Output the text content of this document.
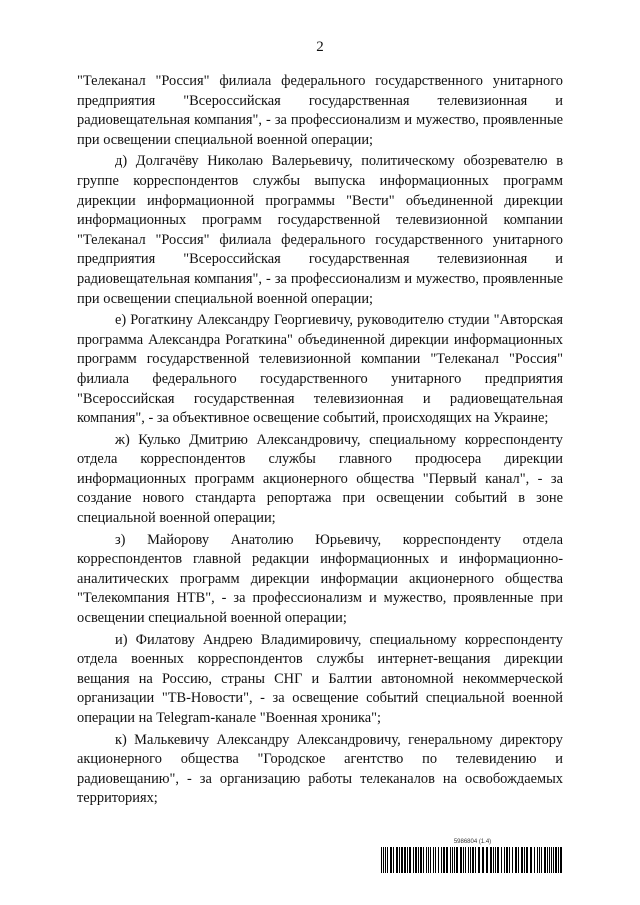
2

"Телеканал "Россия" филиала федерального государственного унитарного предприятия "Всероссийская государственная телевизионная и радиовещательная компания", - за профессионализм и мужество, проявленные при освещении специальной военной операции;

д) Долгачёву Николаю Валерьевичу, политическому обозревателю в группе корреспондентов службы выпуска информационных программ дирекции информационной программы "Вести" объединенной дирекции информационных программ государственной телевизионной компании "Телеканал "Россия" филиала федерального государственного унитарного предприятия "Всероссийская государственная телевизионная и радиовещательная компания", - за профессионализм и мужество, проявленные при освещении специальной военной операции;

е) Рогаткину Александру Георгиевичу, руководителю студии "Авторская программа Александра Рогаткина" объединенной дирекции информационных программ государственной телевизионной компании "Телеканал "Россия" филиала федерального государственного унитарного предприятия "Всероссийская государственная телевизионная и радиовещательная компания", - за объективное освещение событий, происходящих на Украине;

ж) Кулько Дмитрию Александровичу, специальному корреспонденту отдела корреспондентов службы главного продюсера дирекции информационных программ акционерного общества "Первый канал", - за создание нового стандарта репортажа при освещении событий в зоне специальной военной операции;

з) Майорову Анатолию Юрьевичу, корреспонденту отдела корреспондентов главной редакции информационных и информационно-аналитических программ дирекции информации акционерного общества "Телекомпания НТВ", - за профессионализм и мужество, проявленные при освещении специальной военной операции;

и) Филатову Андрею Владимировичу, специальному корреспонденту отдела военных корреспондентов службы интернет-вещания дирекции вещания на Россию, страны СНГ и Балтии автономной некоммерческой организации "ТВ-Новости", - за освещение событий специальной военной операции на Telegram-канале "Военная хроника";

к) Малькевичу Александру Александровичу, генеральному директору акционерного общества "Городское агентство по телевидению и радиовещанию", - за организацию работы телеканалов на освобождаемых территориях;

5986804 (1.4)
